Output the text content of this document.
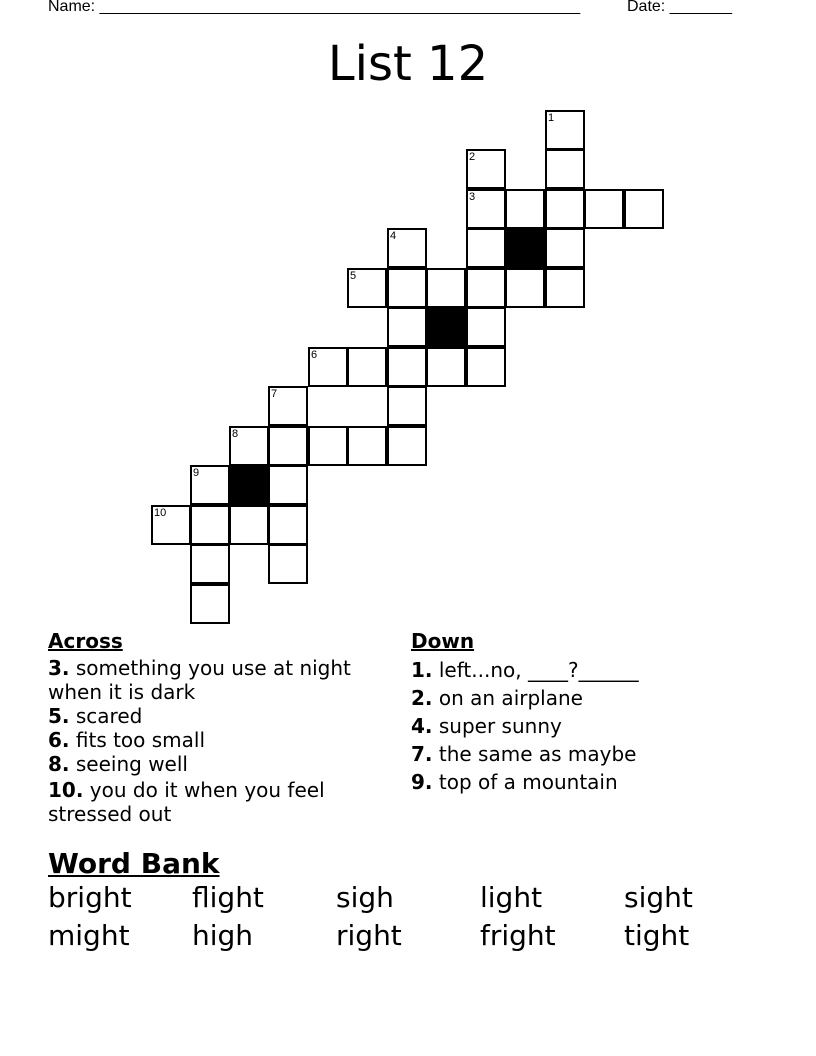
Name: ______________________________________________________	Date: _______
List 12
1
2
3
4
5
6
7
8
9
10
Across
3. something you use at night when it is dark
5. scared
6. fits too small
8. seeing well
10. you do it when you feel stressed out
Down
1. left...no, ____?______
2. on an airplane
4. super sunny
7. the same as maybe
9. top of a mountain
Word Bank
bright	flight	sigh	light	sight
might	high	right	fright	tight
